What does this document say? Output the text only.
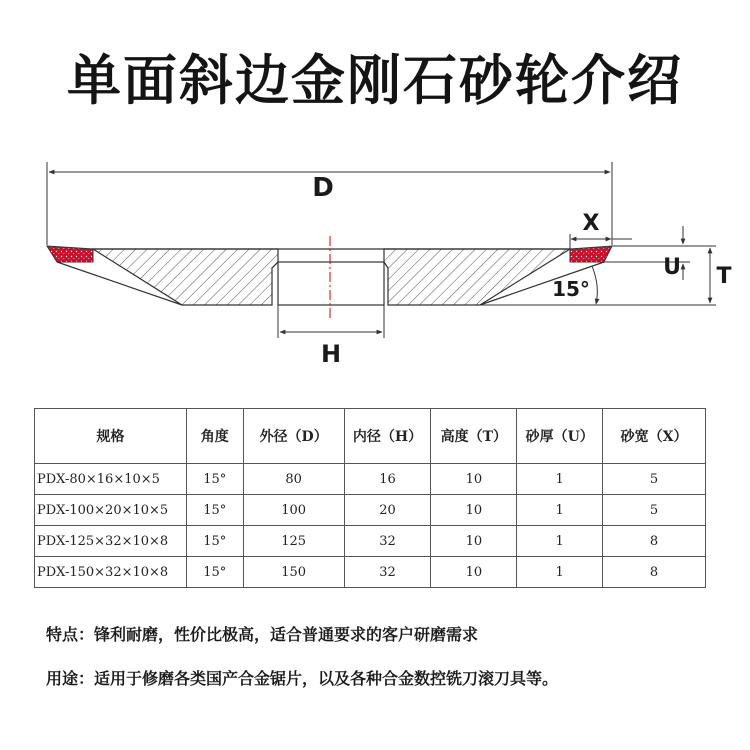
单面斜边金刚石砂轮介绍
D
X
U T
15°
H
规格	角度	外径（D）	内径（H）	高度（T）	砂厚（U）	砂宽（X）
PDX-80×16×10×5	15°	80	16	10	1	5
PDX-100×20×10×5	15°	100	20	10	1	5
PDX-125×32×10×8	15°	125	32	10	1	8
PDX-150×32×10×8	15°	150	32	10	1	8
特点：锋利耐磨，性价比极高，适合普通要求的客户研磨需求
用途：适用于修磨各类国产合金锯片，以及各种合金数控铣刀滚刀具等。
